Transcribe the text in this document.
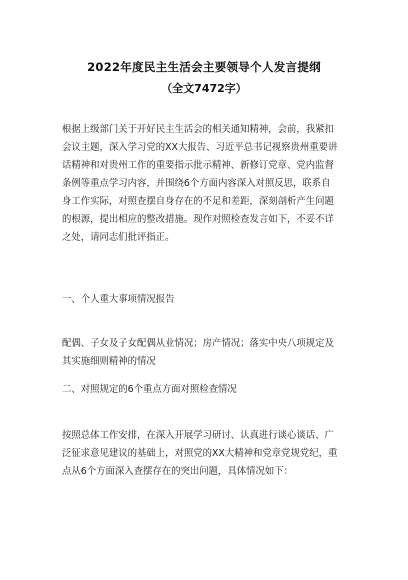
2022年度民主生活会主要领导个人发言提纲
（全文7472字）

根据上级部门关于开好民主生活会的相关通知精神，会前，我紧扣
会议主题，深入学习党的XX大报告、习近平总书记视察贵州重要讲
话精神和对贵州工作的重要指示批示精神、新修订党章、党内监督
条例等重点学习内容，并围绕6个方面内容深入对照反思，联系自
身工作实际，对照查摆自身存在的不足和差距，深刻剖析产生问题
的根源，提出相应的整改措施。现作对照检查发言如下，不妥不详
之处，请同志们批评指正。

一、个人重大事项情况报告

配偶、子女及子女配偶从业情况；房产情况；落实中央八项规定及
其实施细则精神的情况

二、对照规定的6个重点方面对照检查情况

按照总体工作安排，在深入开展学习研讨、认真进行谈心谈话、广
泛征求意见建议的基础上，对照党的XX大精神和党章党规党纪，重
点从6个方面深入查摆存在的突出问题，具体情况如下：
